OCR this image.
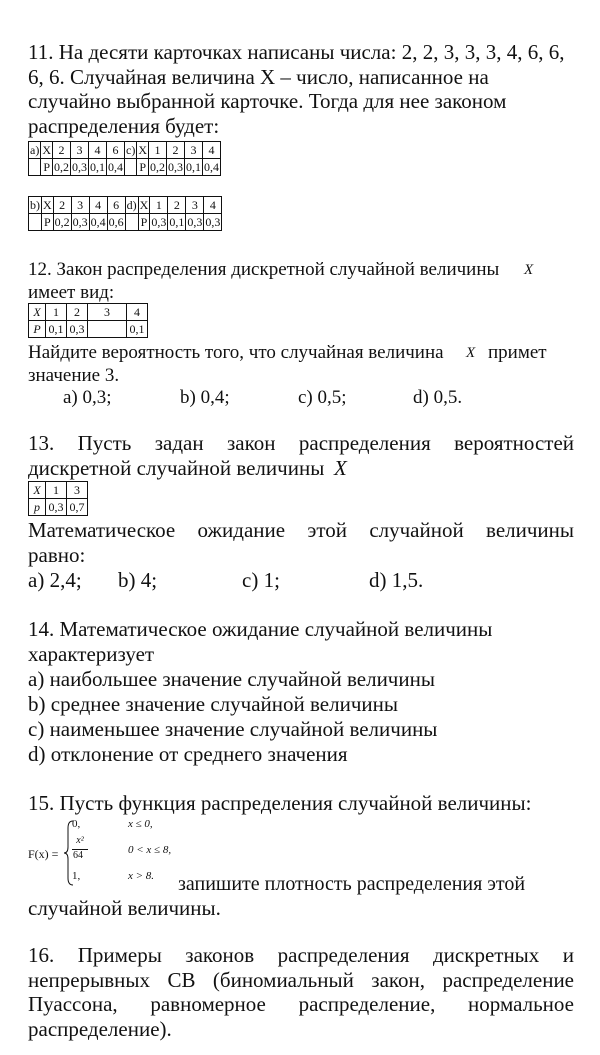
11. На десяти карточках написаны числа: 2, 2, 3, 3, 3, 4, 6, 6, 6, 6. Случайная величина Х – число, написанное на случайно выбранной карточке. Тогда для нее законом распределения будет:

a)	X	2	3	4	6	c)	X	1	2	3	4
	P	0,2	0,3	0,1	0,4		P	0,2	0,3	0,1	0,4
b)	X	2	3	4	6	d)	X	1	2	3	4
	P	0,2	0,3	0,4	0,6		P	0,3	0,1	0,3	0,3
12. Закон распределения дискретной случайной величины X
имеет вид:
X	1	2	3	4
P	0,1	0,3		0,1
Найдите вероятность того, что случайная величина X примет
значение 3.
a) 0,3;	b) 0,4;	c) 0,5;	d) 0,5.
13. Пусть задан закон распределения вероятностей
дискретной случайной величины X
X	1	3
p	0,3	0,7
Математическое ожидание этой случайной величины
равно:
a) 2,4; b) 4;	c) 1;	d) 1,5.
14. Математическое ожидание случайной величины
характеризует
a) наибольшее значение случайной величины
b) среднее значение случайной величины
c) наименьшее значение случайной величины
d) отклонение от среднего значения
15. Пусть функция распределения случайной величины:
F(x) =
0,	x ≤ 0,
x²
64	0 < x ≤ 8,
1,	x > 8. запишите плотность распределения этой
случайной величины.

16. Примеры законов распределения дискретных и непрерывных СВ (биномиальный закон, распределение Пуассона, равномерное распределение, нормальное распределение).
